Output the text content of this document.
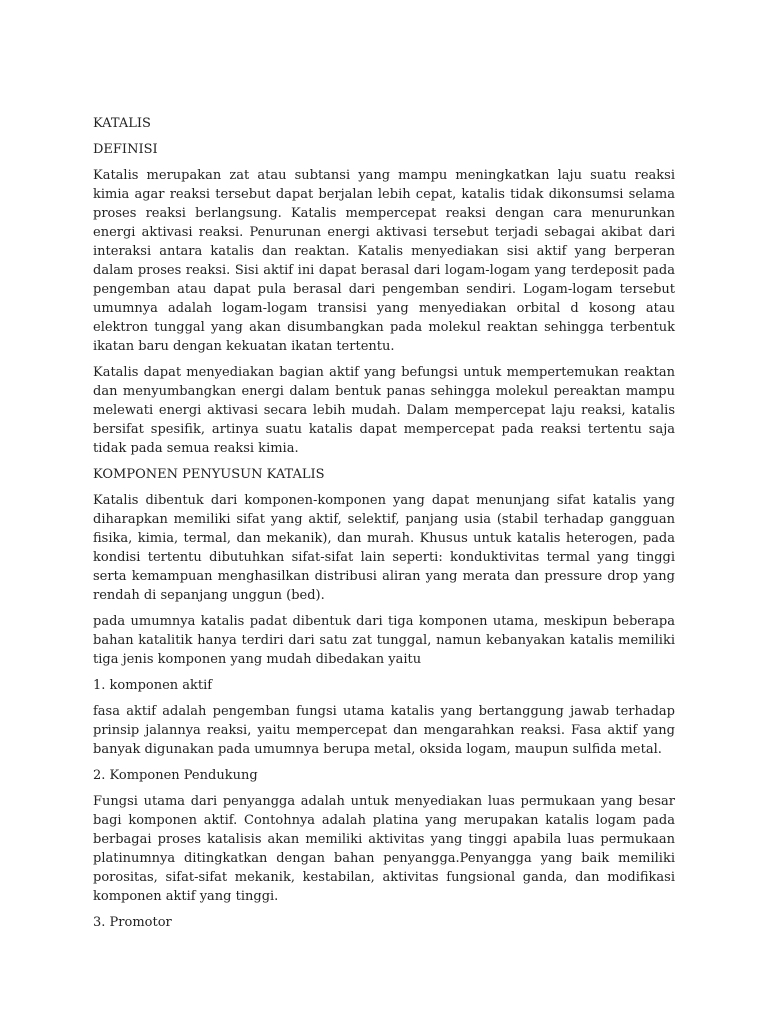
KATALIS
DEFINISI
Katalis merupakan zat atau subtansi yang mampu meningkatkan laju suatu reaksi kimia agar reaksi tersebut dapat berjalan lebih cepat, katalis tidak dikonsumsi selama proses reaksi berlangsung. Katalis mempercepat reaksi dengan cara menurunkan energi aktivasi reaksi. Penurunan energi aktivasi tersebut terjadi sebagai akibat dari interaksi antara katalis dan reaktan. Katalis menyediakan sisi aktif yang berperan dalam proses reaksi. Sisi aktif ini dapat berasal dari logam-logam yang terdeposit pada pengemban atau dapat pula berasal dari pengemban sendiri. Logam-logam tersebut umumnya adalah logam-logam transisi yang menyediakan orbital d kosong atau elektron tunggal yang akan disumbangkan pada molekul reaktan sehingga terbentuk ikatan baru dengan kekuatan ikatan tertentu.
Katalis dapat menyediakan bagian aktif yang befungsi untuk mempertemukan reaktan dan menyumbangkan energi dalam bentuk panas sehingga molekul pereaktan mampu melewati energi aktivasi secara lebih mudah. Dalam mempercepat laju reaksi, katalis bersifat spesifik, artinya suatu katalis dapat mempercepat pada reaksi tertentu saja tidak pada semua reaksi kimia.
KOMPONEN PENYUSUN KATALIS
Katalis dibentuk dari komponen-komponen yang dapat menunjang sifat katalis yang diharapkan memiliki sifat yang aktif, selektif, panjang usia (stabil terhadap gangguan fisika, kimia, termal, dan mekanik), dan murah. Khusus untuk katalis heterogen, pada kondisi tertentu dibutuhkan sifat-sifat lain seperti: konduktivitas termal yang tinggi serta kemampuan menghasilkan distribusi aliran yang merata dan pressure drop yang rendah di sepanjang unggun (bed).
pada umumnya katalis padat dibentuk dari tiga komponen utama, meskipun beberapa bahan katalitik hanya terdiri dari satu zat tunggal, namun kebanyakan katalis memiliki tiga jenis komponen yang mudah dibedakan yaitu
1. komponen aktif
fasa aktif adalah pengemban fungsi utama katalis yang bertanggung jawab terhadap prinsip jalannya reaksi, yaitu mempercepat dan mengarahkan reaksi. Fasa aktif yang banyak digunakan pada umumnya berupa metal, oksida logam, maupun sulfida metal.
2. Komponen Pendukung
Fungsi utama dari penyangga adalah untuk menyediakan luas permukaan yang besar bagi komponen aktif. Contohnya adalah platina yang merupakan katalis logam pada berbagai proses katalisis akan memiliki aktivitas yang tinggi apabila luas permukaan platinumnya ditingkatkan dengan bahan penyangga.Penyangga yang baik memiliki porositas, sifat-sifat mekanik, kestabilan, aktivitas fungsional ganda, dan modifikasi komponen aktif yang tinggi.
3. Promotor
